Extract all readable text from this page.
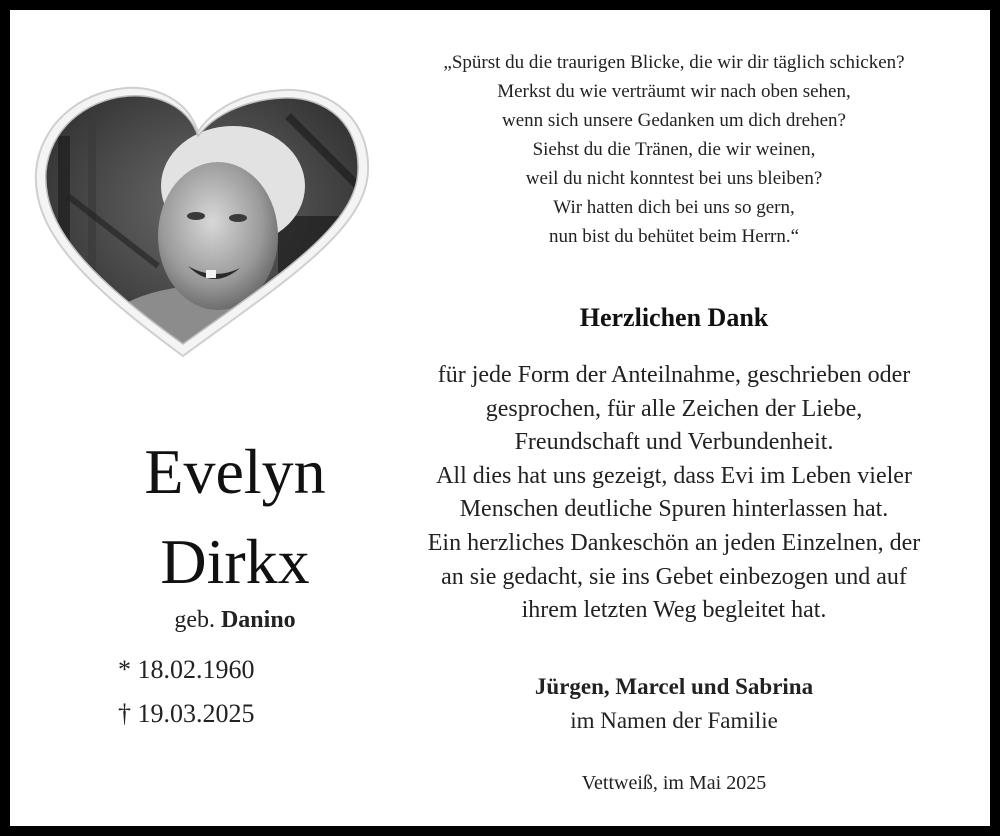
Evelyn
Dirkx
geb. Danino
* 18.02.1960
† 19.03.2025
„Spürst du die traurigen Blicke, die wir dir täglich schicken?
Merkst du wie verträumt wir nach oben sehen,
wenn sich unsere Gedanken um dich drehen?
Siehst du die Tränen, die wir weinen,
weil du nicht konntest bei uns bleiben?
Wir hatten dich bei uns so gern,
nun bist du behütet beim Herrn.“
Herzlichen Dank
für jede Form der Anteilnahme, geschrieben oder
gesprochen, für alle Zeichen der Liebe,
Freundschaft und Verbundenheit.
All dies hat uns gezeigt, dass Evi im Leben vieler
Menschen deutliche Spuren hinterlassen hat.
Ein herzliches Dankeschön an jeden Einzelnen, der
an sie gedacht, sie ins Gebet einbezogen und auf
ihrem letzten Weg begleitet hat.
Jürgen, Marcel und Sabrina
im Namen der Familie
Vettweiß, im Mai 2025
